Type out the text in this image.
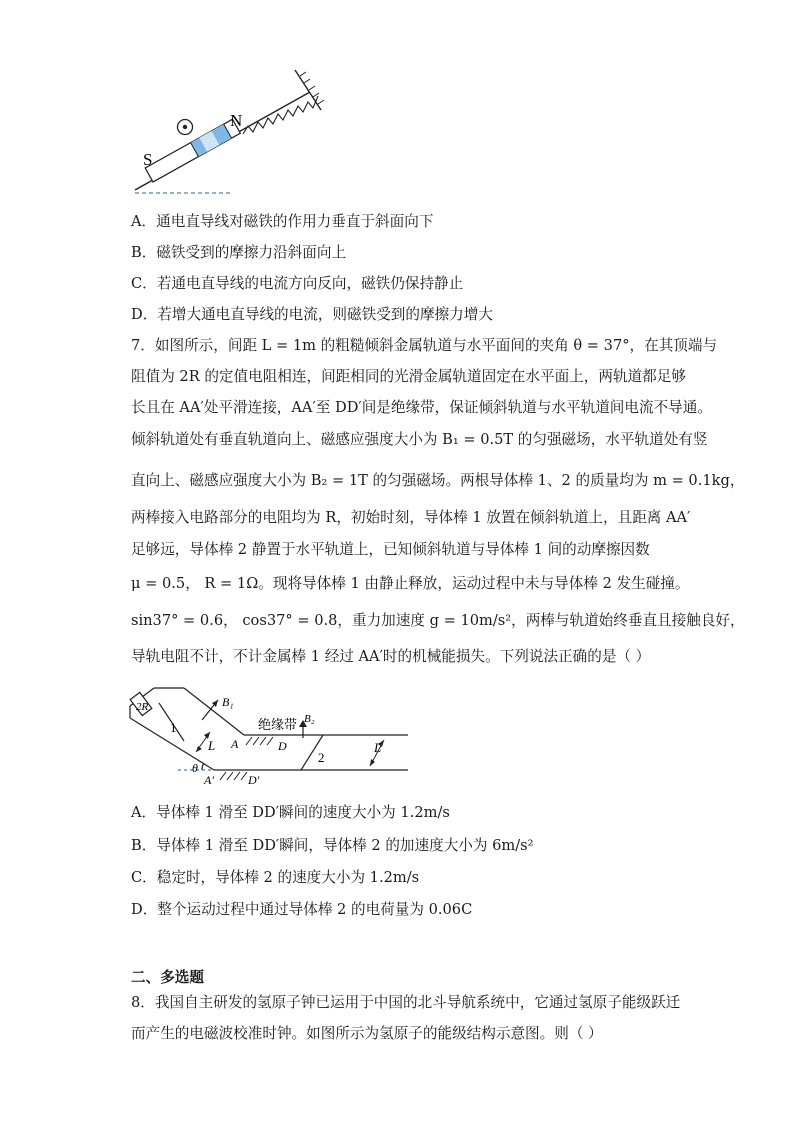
S
N
A．通电直导线对磁铁的作用力垂直于斜面向下
B．磁铁受到的摩擦力沿斜面向上
C．若通电直导线的电流方向反向，磁铁仍保持静止
D．若增大通电直导线的电流，则磁铁受到的摩擦力增大
7．如图所示，间距 L = 1m 的粗糙倾斜金属轨道与水平面间的夹角 θ = 37°，在其顶端与
阻值为 2R 的定值电阻相连，间距相同的光滑金属轨道固定在水平面上，两轨道都足够
长且在 AA′处平滑连接，AA′至 DD′间是绝缘带，保证倾斜轨道与水平轨道间电流不导通。
倾斜轨道处有垂直轨道向上、磁感应强度大小为 B₁ = 0.5T 的匀强磁场，水平轨道处有竖
直向上、磁感应强度大小为 B₂ = 1T 的匀强磁场。两根导体棒 1、2 的质量均为 m = 0.1kg，
两棒接入电路部分的电阻均为 R，初始时刻，导体棒 1 放置在倾斜轨道上，且距离 AA′
足够远，导体棒 2 静置于水平轨道上，已知倾斜轨道与导体棒 1 间的动摩擦因数
μ = 0.5， R = 1Ω。现将导体棒 1 由静止释放，运动过程中未与导体棒 2 发生碰撞。
sin37° = 0.6， cos37° = 0.8，重力加速度 g = 10m/s²，两棒与轨道始终垂直且接触良好，
导轨电阻不计，不计金属棒 1 经过 AA′时的机械能损失。下列说法正确的是（ ）
2R	B₁
B₂
绝缘带
1
2
L	L
A	D
A′	D′
θ
A．导体棒 1 滑至 DD′瞬间的速度大小为 1.2m/s
B．导体棒 1 滑至 DD′瞬间，导体棒 2 的加速度大小为 6m/s²
C．稳定时，导体棒 2 的速度大小为 1.2m/s
D．整个运动过程中通过导体棒 2 的电荷量为 0.06C
二、多选题
8．我国自主研发的氢原子钟已运用于中国的北斗导航系统中，它通过氢原子能级跃迁
而产生的电磁波校准时钟。如图所示为氢原子的能级结构示意图。则（ ）
